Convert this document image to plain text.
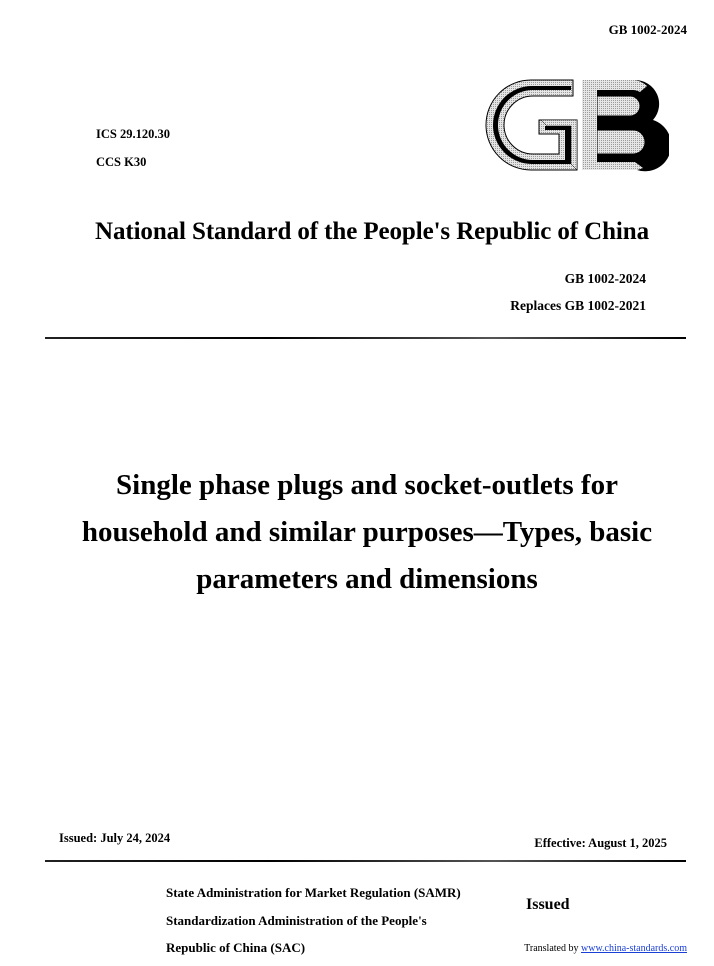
GB 1002-2024
ICS 29.120.30
CCS K30
National Standard of the People's Republic of China
GB 1002-2024
Replaces GB 1002-2021
Single phase plugs and socket-outlets for
household and similar purposes—Types, basic
parameters and dimensions
Issued: July 24, 2024	Effective: August 1, 2025
State Administration for Market Regulation (SAMR)
Standardization Administration of the People's
Republic of China (SAC)
Issued
Translated by www.china-standards.com
